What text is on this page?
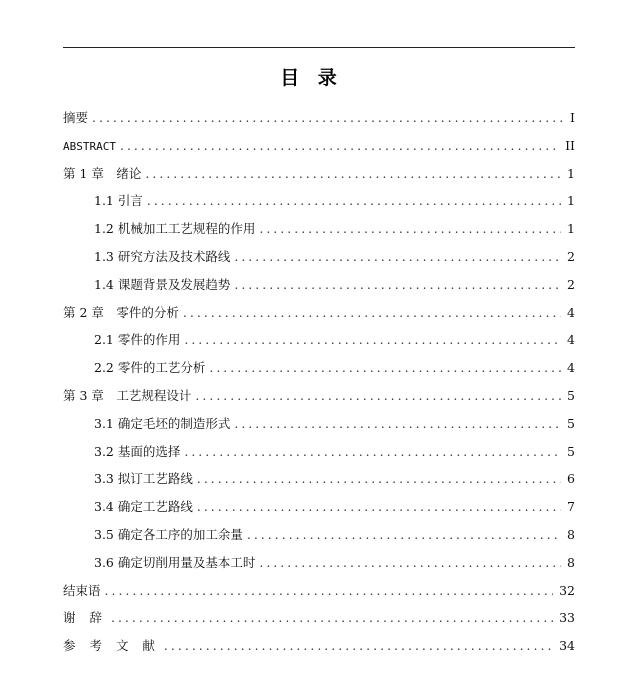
目 录
摘要 .....	I
ABSTRACT .....	II
第 1 章　绪论 .....	1
1.1 引言 .....	1
1.2 机械加工工艺规程的作用 .....	1
1.3 研究方法及技术路线 .....	2
1.4 课题背景及发展趋势 .....	2
第 2 章　零件的分析 .....	4
2.1 零件的作用 .....	4
2.2 零件的工艺分析 .....	4
第 3 章　工艺规程设计 .....	5
3.1 确定毛坯的制造形式 .....	5
3.2 基面的选择 .....	5
3.3 拟订工艺路线 .....	6
3.4 确定工艺路线 .....	7
3.5 确定各工序的加工余量 .....	8
3.6 确定切削用量及基本工时 .....	8
结束语 .....	32
谢 辞 .....	33
参 考 文 献 .....	34
